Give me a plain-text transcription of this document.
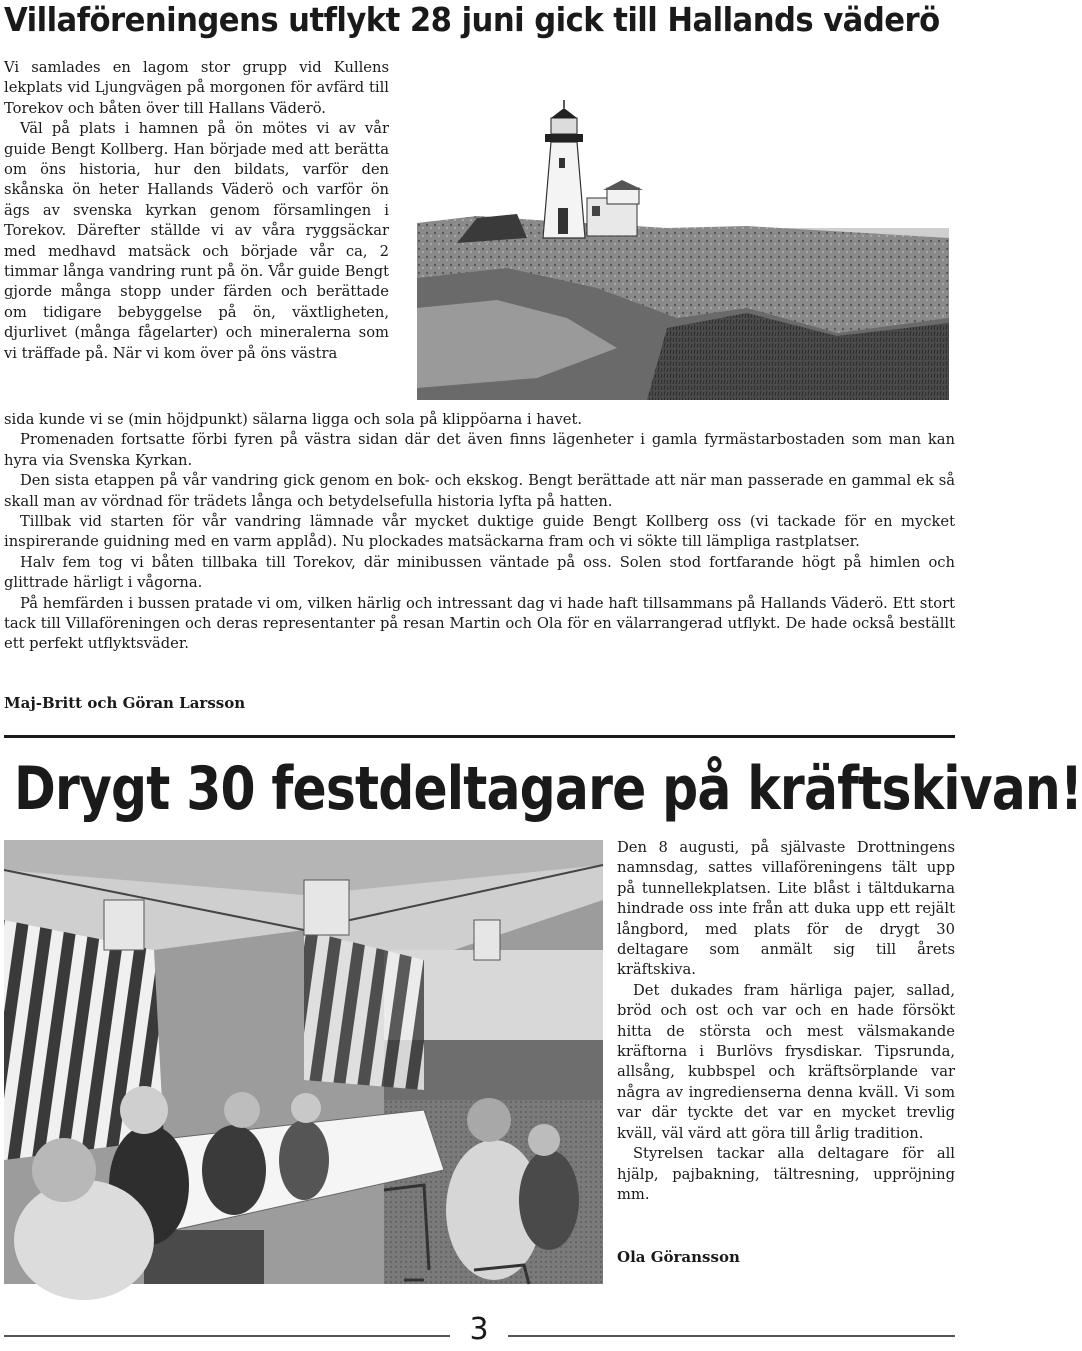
Villaföreningens utflykt 28 juni gick till Hallands väderö

Vi samlades en lagom stor grupp vid Kullens lekplats vid Ljungvägen på morgonen för avfärd till Torekov och båten över till Hallans Väderö.

Väl på plats i hamnen på ön mötes vi av vår guide Bengt Kollberg. Han började med att berätta om öns historia, hur den bildats, varför den skånska ön heter Hallands Väderö och varför ön ägs av svenska kyrkan genom församlingen i Torekov. Därefter ställde vi av våra ryggsäckar med medhavd matsäck och började vår ca, 2 timmar långa vandring runt på ön. Vår guide Bengt gjorde många stopp under färden och berättade om tidigare bebyggelse på ön, växtligheten, djurlivet (många fågelarter) och mineralerna som vi träffade på. När vi kom över på öns västra

sida kunde vi se (min höjdpunkt) sälarna ligga och sola på klippöarna i havet.

Promenaden fortsatte förbi fyren på västra sidan där det även finns lägenheter i gamla fyrmästarbostaden som man kan hyra via Svenska Kyrkan.

Den sista etappen på vår vandring gick genom en bok- och ekskog. Bengt berättade att när man passerade en gammal ek så skall man av vördnad för trädets långa och betydelsefulla historia lyfta på hatten.

Tillbak vid starten för vår vandring lämnade vår mycket duktige guide Bengt Kollberg oss (vi tackade för en mycket inspirerande guidning med en varm applåd). Nu plockades matsäckarna fram och vi sökte till lämpliga rastplatser.

Halv fem tog vi båten tillbaka till Torekov, där minibussen väntade på oss. Solen stod fortfarande högt på himlen och glittrade härligt i vågorna.

På hemfärden i bussen pratade vi om, vilken härlig och intressant dag vi hade haft tillsammans på Hallands Väderö. Ett stort tack till Villaföreningen och deras representanter på resan Martin och Ola för en välarrangerad utflykt. De hade också beställt ett perfekt utflyktsväder.

Maj-Britt och Göran Larsson
Drygt 30 festdeltagare på kräftskivan!

Den 8 augusti, på självaste Drottningens namnsdag, sattes villaföreningens tält upp på tunnellekplatsen. Lite blåst i tältdukarna hindrade oss inte från att duka upp ett rejält långbord, med plats för de drygt 30 deltagare som anmält sig till årets kräftskiva.

Det dukades fram härliga pajer, sallad, bröd och ost och var och en hade försökt hitta de största och mest välsmakande kräftorna i Burlövs frysdiskar. Tipsrunda, allsång, kubbspel och kräftsörplande var några av ingredienserna denna kväll. Vi som var där tyckte det var en mycket trevlig kväll, väl värd att göra till årlig tradition.

Styrelsen tackar alla deltagare för all hjälp, pajbakning, tältresning, uppröjning mm.

Ola Göransson
3
